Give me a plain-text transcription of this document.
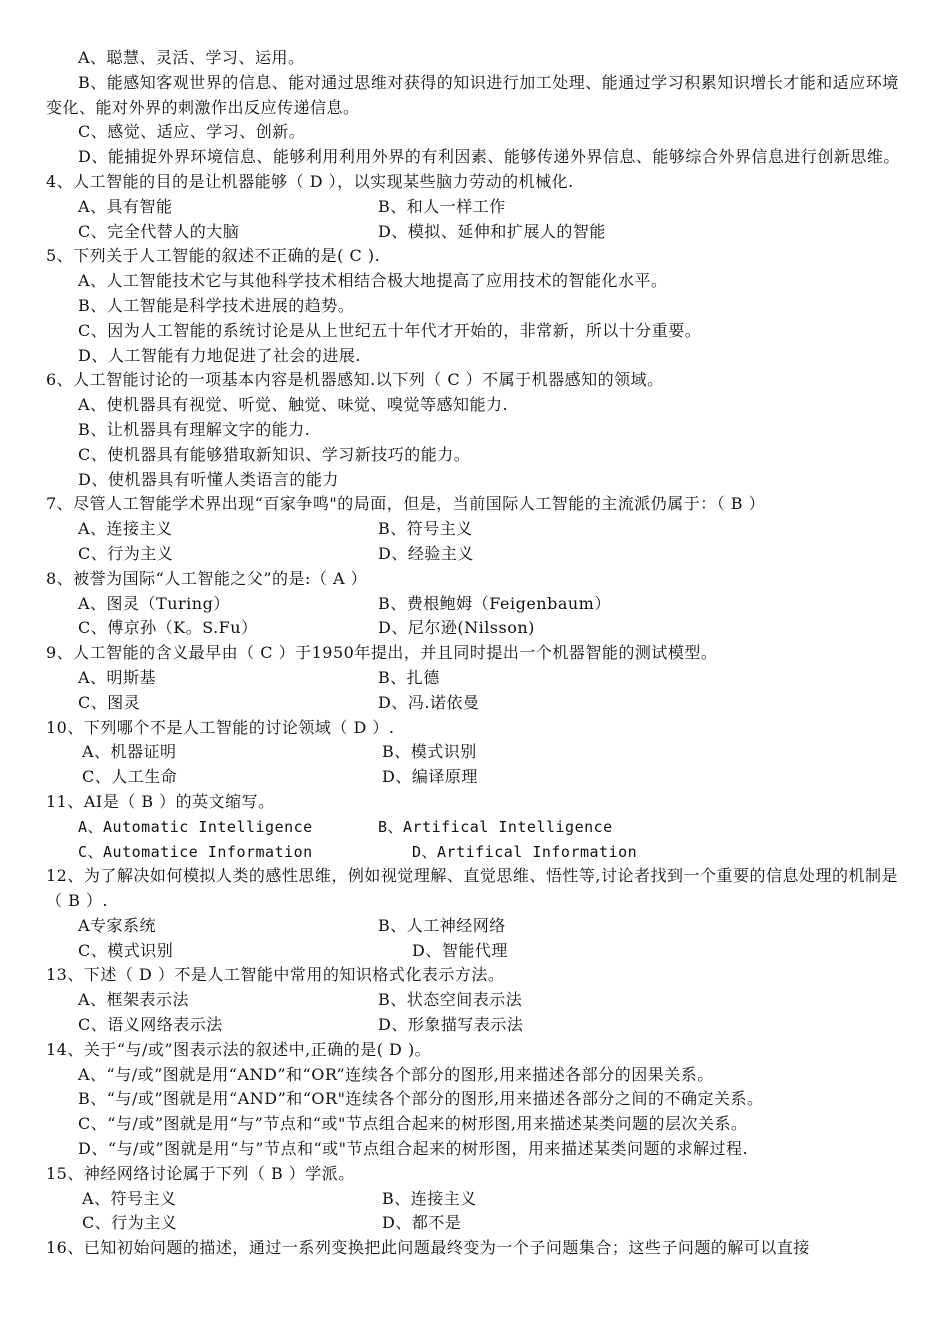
A、聪慧、灵活、学习、运用。
B、能感知客观世界的信息、能对通过思维对获得的知识进行加工处理、能通过学习积累知识增长才能和适应环境变化、能对外界的刺激作出反应传递信息。
C、感觉、适应、学习、创新。
D、能捕捉外界环境信息、能够利用利用外界的有利因素、能够传递外界信息、能够综合外界信息进行创新思维。
4、人工智能的目的是让机器能够（ D ），以实现某些脑力劳动的机械化.
A、具有智能	B、和人一样工作
C、完全代替人的大脑	D、模拟、延伸和扩展人的智能
5、下列关于人工智能的叙述不正确的是( C ).
A、人工智能技术它与其他科学技术相结合极大地提高了应用技术的智能化水平。
B、人工智能是科学技术进展的趋势。
C、因为人工智能的系统讨论是从上世纪五十年代才开始的，非常新，所以十分重要。
D、人工智能有力地促进了社会的进展.
6、人工智能讨论的一项基本内容是机器感知.以下列（ C ）不属于机器感知的领域。
A、使机器具有视觉、听觉、触觉、味觉、嗅觉等感知能力.
B、让机器具有理解文字的能力.
C、使机器具有能够猎取新知识、学习新技巧的能力。
D、使机器具有听懂人类语言的能力
7、尽管人工智能学术界出现“百家争鸣"的局面，但是，当前国际人工智能的主流派仍属于：（ B ）
A、连接主义	B、符号主义
C、行为主义	D、经验主义
8、被誉为国际“人工智能之父”的是:（ A ）
A、图灵（Turing）	B、费根鲍姆（Feigenbaum）
C、傅京孙（K。S.Fu）	D、尼尔逊(Nilsson)
9、人工智能的含义最早由（ C ）于1950年提出，并且同时提出一个机器智能的测试模型。
A、明斯基	B、扎德
C、图灵	D、冯.诺依曼
10、下列哪个不是人工智能的讨论领域（ D ）.
A、机器证明	B、模式识别
C、人工生命	D、编译原理
11、AI是（ B ）的英文缩写。
A、Automatic Intelligence	B、Artifical Intelligence
C、Automatice Information	D、Artifical Information
12、为了解决如何模拟人类的感性思维，例如视觉理解、直觉思维、悟性等,讨论者找到一个重要的信息处理的机制是（ B ）.
A专家系统	B、人工神经网络
C、模式识别	D、智能代理
13、下述（ D ）不是人工智能中常用的知识格式化表示方法。
A、框架表示法	B、状态空间表示法
C、语义网络表示法	D、形象描写表示法
14、关于“与/或”图表示法的叙述中,正确的是( D )。
A、“与/或”图就是用“AND”和“OR”连续各个部分的图形,用来描述各部分的因果关系。
B、“与/或”图就是用“AND”和“OR"连续各个部分的图形,用来描述各部分之间的不确定关系。
C、“与/或”图就是用“与”节点和“或"节点组合起来的树形图,用来描述某类问题的层次关系。
D、“与/或”图就是用“与”节点和“或"节点组合起来的树形图，用来描述某类问题的求解过程.
15、神经网络讨论属于下列（ B ）学派。
A、符号主义	B、连接主义
C、行为主义	D、都不是
16、已知初始问题的描述，通过一系列变换把此问题最终变为一个子问题集合；这些子问题的解可以直接
